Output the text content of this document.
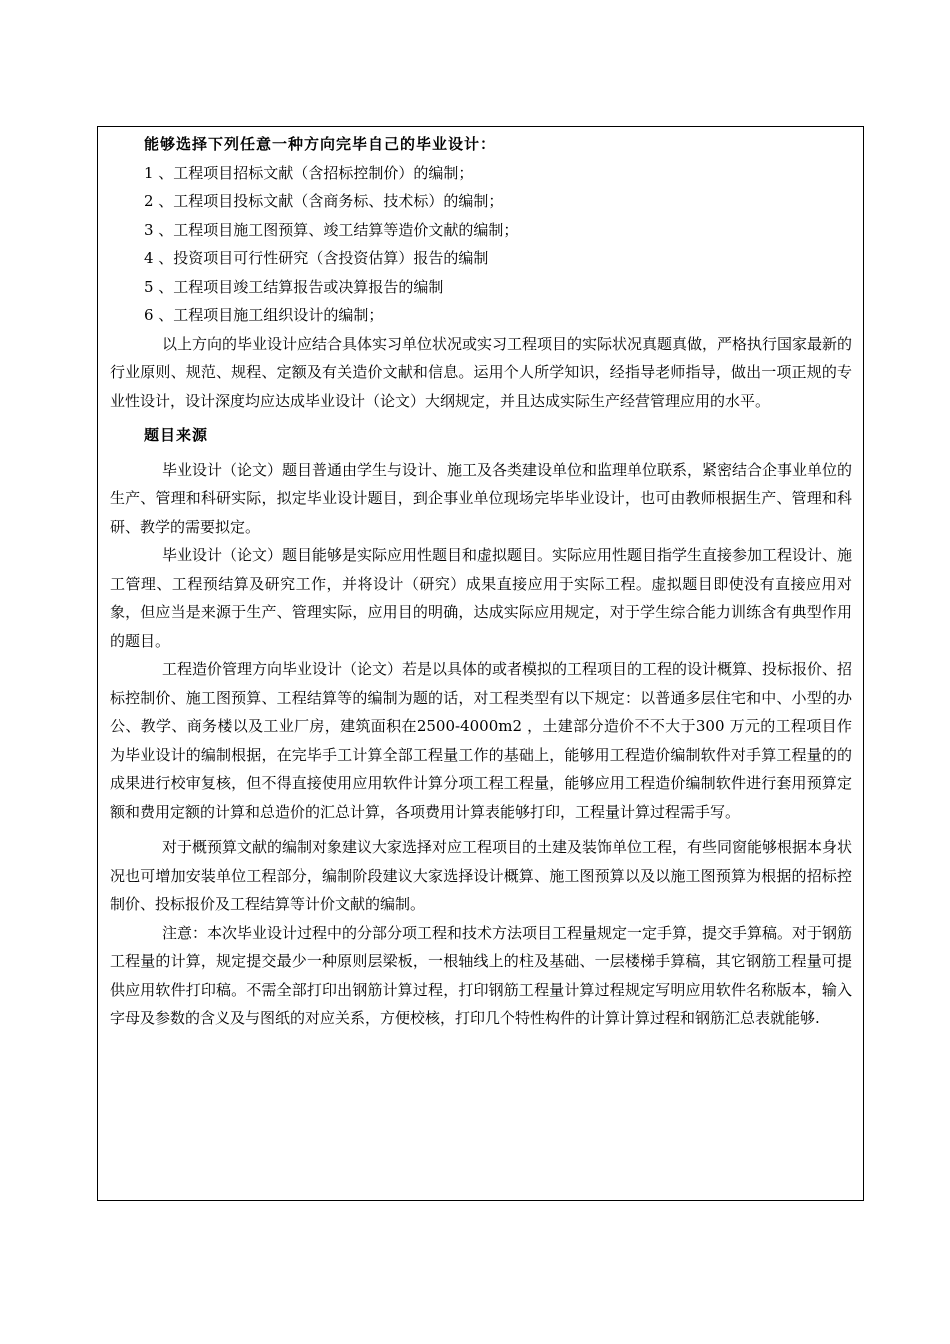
能够选择下列任意一种方向完毕自己的毕业设计：

1 、工程项目招标文献（含招标控制价）的编制；

2 、工程项目投标文献（含商务标、技术标）的编制；

3 、工程项目施工图预算、竣工结算等造价文献的编制；

4 、投资项目可行性研究（含投资估算）报告的编制

5 、工程项目竣工结算报告或决算报告的编制

6 、工程项目施工组织设计的编制；

以上方向的毕业设计应结合具体实习单位状况或实习工程项目的实际状况真题真做，严格执行国家最新的行业原则、规范、规程、定额及有关造价文献和信息。运用个人所学知识，经指导老师指导，做出一项正规的专业性设计，设计深度均应达成毕业设计（论文）大纲规定，并且达成实际生产经营管理应用的水平。

题目来源

毕业设计（论文）题目普通由学生与设计、施工及各类建设单位和监理单位联系，紧密结合企事业单位的生产、管理和科研实际，拟定毕业设计题目，到企事业单位现场完毕毕业设计，也可由教师根据生产、管理和科研、教学的需要拟定。

毕业设计（论文）题目能够是实际应用性题目和虚拟题目。实际应用性题目指学生直接参加工程设计、施工管理、工程预结算及研究工作，并将设计（研究）成果直接应用于实际工程。虚拟题目即使没有直接应用对象，但应当是来源于生产、管理实际，应用目的明确，达成实际应用规定，对于学生综合能力训练含有典型作用的题目。

工程造价管理方向毕业设计（论文）若是以具体的或者模拟的工程项目的工程的设计概算、投标报价、招标控制价、施工图预算、工程结算等的编制为题的话，对工程类型有以下规定：以普通多层住宅和中、小型的办公、教学、商务楼以及工业厂房，建筑面积在2500-4000m2 ，土建部分造价不不大于300 万元的工程项目作为毕业设计的编制根据，在完毕手工计算全部工程量工作的基础上，能够用工程造价编制软件对手算工程量的的成果进行校审复核，但不得直接使用应用软件计算分项工程工程量，能够应用工程造价编制软件进行套用预算定额和费用定额的计算和总造价的汇总计算，各项费用计算表能够打印，工程量计算过程需手写。

对于概预算文献的编制对象建议大家选择对应工程项目的土建及装饰单位工程，有些同窗能够根据本身状况也可增加安装单位工程部分，编制阶段建议大家选择设计概算、施工图预算以及以施工图预算为根据的招标控制价、投标报价及工程结算等计价文献的编制。

注意：本次毕业设计过程中的分部分项工程和技术方法项目工程量规定一定手算，提交手算稿。对于钢筋工程量的计算，规定提交最少一种原则层梁板，一根轴线上的柱及基础、一层楼梯手算稿，其它钢筋工程量可提供应用软件打印稿。不需全部打印出钢筋计算过程，打印钢筋工程量计算过程规定写明应用软件名称版本，输入字母及参数的含义及与图纸的对应关系，方便校核，打印几个特性构件的计算计算过程和钢筋汇总表就能够.
